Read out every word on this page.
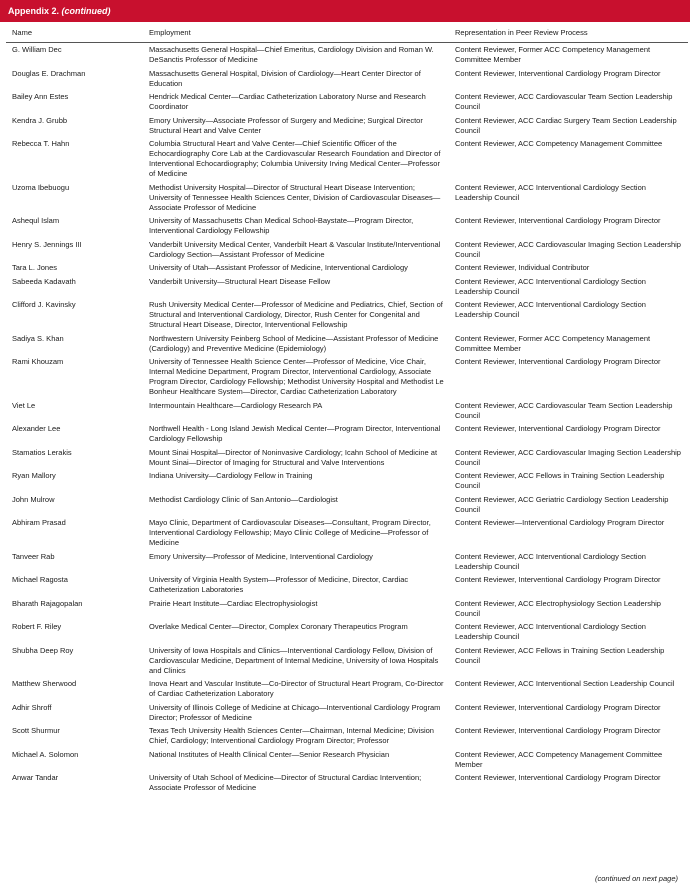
Appendix 2. (continued)
Name	Employment	Representation in Peer Review Process
G. William Dec	Massachusetts General Hospital—Chief Emeritus, Cardiology Division and Roman W. DeSanctis Professor of Medicine	Content Reviewer, Former ACC Competency Management Committee Member
Douglas E. Drachman	Massachusetts General Hospital, Division of Cardiology—Heart Center Director of Education	Content Reviewer, Interventional Cardiology Program Director
Bailey Ann Estes	Hendrick Medical Center—Cardiac Catheterization Laboratory Nurse and Research Coordinator	Content Reviewer, ACC Cardiovascular Team Section Leadership Council
Kendra J. Grubb	Emory University—Associate Professor of Surgery and Medicine; Surgical Director Structural Heart and Valve Center	Content Reviewer, ACC Cardiac Surgery Team Section Leadership Council
Rebecca T. Hahn	Columbia Structural Heart and Valve Center—Chief Scientific Officer of the Echocardiography Core Lab at the Cardiovascular Research Foundation and Director of Interventional Echocardiography; Columbia University Irving Medical Center—Professor of Medicine	Content Reviewer, ACC Competency Management Committee
Uzoma Ibebuogu	Methodist University Hospital—Director of Structural Heart Disease Intervention; University of Tennessee Health Sciences Center, Division of Cardiovascular Diseases—Associate Professor of Medicine	Content Reviewer, ACC Interventional Cardiology Section Leadership Council
Ashequl Islam	University of Massachusetts Chan Medical School-Baystate—Program Director, Interventional Cardiology Fellowship	Content Reviewer, Interventional Cardiology Program Director
Henry S. Jennings III	Vanderbilt University Medical Center, Vanderbilt Heart & Vascular Institute/Interventional Cardiology Section—Assistant Professor of Medicine	Content Reviewer, ACC Cardiovascular Imaging Section Leadership Council
Tara L. Jones	University of Utah—Assistant Professor of Medicine, Interventional Cardiology	Content Reviewer, Individual Contributor
Sabeeda Kadavath	Vanderbilt University—Structural Heart Disease Fellow	Content Reviewer, ACC Interventional Cardiology Section Leadership Council
Clifford J. Kavinsky	Rush University Medical Center—Professor of Medicine and Pediatrics, Chief, Section of Structural and Interventional Cardiology, Director, Rush Center for Congenital and Structural Heart Disease, Director, Interventional Fellowship	Content Reviewer, ACC Interventional Cardiology Section Leadership Council
Sadiya S. Khan	Northwestern University Feinberg School of Medicine—Assistant Professor of Medicine (Cardiology) and Preventive Medicine (Epidemiology)	Content Reviewer, Former ACC Competency Management Committee Member
Rami Khouzam	University of Tennessee Health Science Center—Professor of Medicine, Vice Chair, Internal Medicine Department, Program Director, Interventional Cardiology, Associate Program Director, Cardiology Fellowship; Methodist University Hospital and Methodist Le Bonheur Healthcare System—Director, Cardiac Catheterization Laboratory	Content Reviewer, Interventional Cardiology Program Director
Viet Le	Intermountain Healthcare—Cardiology Research PA	Content Reviewer, ACC Cardiovascular Team Section Leadership Council
Alexander Lee	Northwell Health - Long Island Jewish Medical Center—Program Director, Interventional Cardiology Fellowship	Content Reviewer, Interventional Cardiology Program Director
Stamatios Lerakis	Mount Sinai Hospital—Director of Noninvasive Cardiology; Icahn School of Medicine at Mount Sinai—Director of Imaging for Structural and Valve Interventions	Content Reviewer, ACC Cardiovascular Imaging Section Leadership Council
Ryan Mallory	Indiana University—Cardiology Fellow in Training	Content Reviewer, ACC Fellows in Training Section Leadership Council
John Mulrow	Methodist Cardiology Clinic of San Antonio—Cardiologist	Content Reviewer, ACC Geriatric Cardiology Section Leadership Council
Abhiram Prasad	Mayo Clinic, Department of Cardiovascular Diseases—Consultant, Program Director, Interventional Cardiology Fellowship; Mayo Clinic College of Medicine—Professor of Medicine	Content Reviewer—Interventional Cardiology Program Director
Tanveer Rab	Emory University—Professor of Medicine, Interventional Cardiology	Content Reviewer, ACC Interventional Cardiology Section Leadership Council
Michael Ragosta	University of Virginia Health System—Professor of Medicine, Director, Cardiac Catheterization Laboratories	Content Reviewer, Interventional Cardiology Program Director
Bharath Rajagopalan	Prairie Heart Institute—Cardiac Electrophysiologist	Content Reviewer, ACC Electrophysiology Section Leadership Council
Robert F. Riley	Overlake Medical Center—Director, Complex Coronary Therapeutics Program	Content Reviewer, ACC Interventional Cardiology Section Leadership Council
Shubha Deep Roy	University of Iowa Hospitals and Clinics—Interventional Cardiology Fellow, Division of Cardiovascular Medicine, Department of Internal Medicine, University of Iowa Hospitals and Clinics	Content Reviewer, ACC Fellows in Training Section Leadership Council
Matthew Sherwood	Inova Heart and Vascular Institute—Co-Director of Structural Heart Program, Co-Director of Cardiac Catheterization Laboratory	Content Reviewer, ACC Interventional Section Leadership Council
Adhir Shroff	University of Illinois College of Medicine at Chicago—Interventional Cardiology Program Director; Professor of Medicine	Content Reviewer, Interventional Cardiology Program Director
Scott Shurmur	Texas Tech University Health Sciences Center—Chairman, Internal Medicine; Division Chief, Cardiology; Interventional Cardiology Program Director; Professor	Content Reviewer, Interventional Cardiology Program Director
Michael A. Solomon	National Institutes of Health Clinical Center—Senior Research Physician	Content Reviewer, ACC Competency Management Committee Member
Anwar Tandar	University of Utah School of Medicine—Director of Structural Cardiac Intervention; Associate Professor of Medicine	Content Reviewer, Interventional Cardiology Program Director
(continued on next page)
